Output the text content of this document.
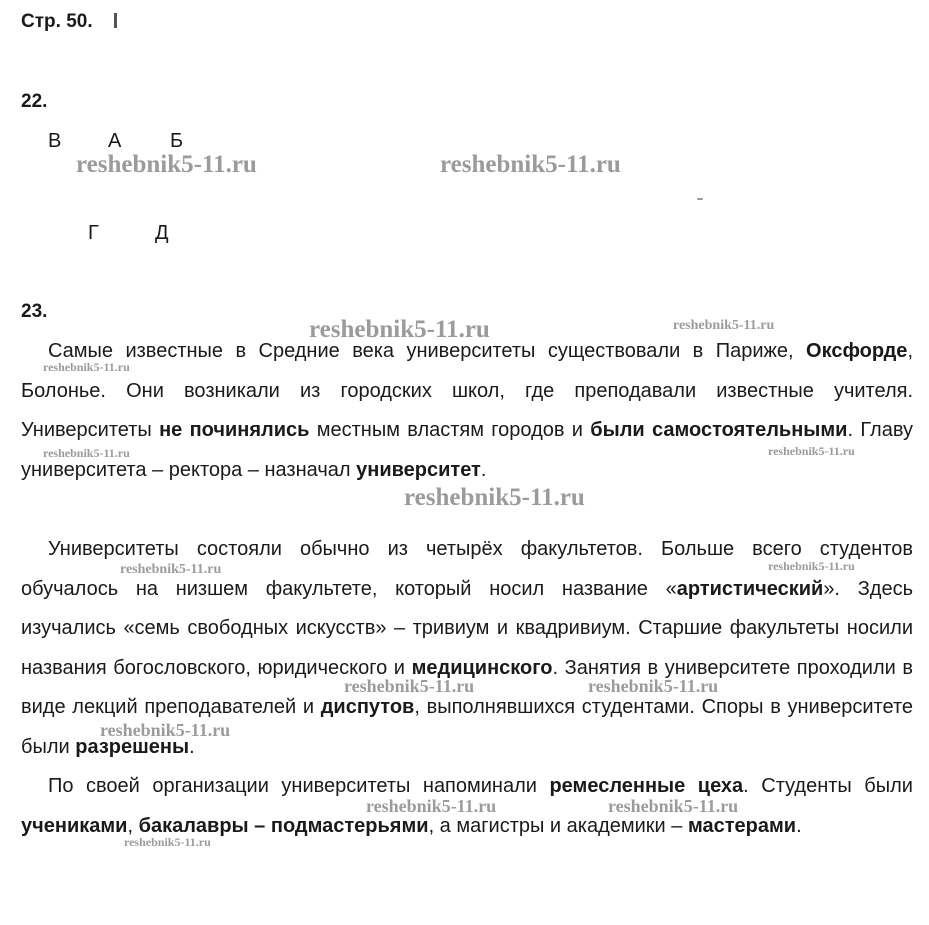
Стр. 50.
22.
В А Б
Г	Д
23.

Самые известные в Средние века университеты существовали в Париже, Оксфорде, Болонье. Они возникали из городских школ, где преподавали известные учителя. Университеты не починялись местным властям городов и были самостоятельными. Главу университета – ректора – назначал университет.

Университеты состояли обычно из четырёх факультетов. Больше всего студентов обучалось на низшем факультете, который носил название «артистический». Здесь изучались «семь свободных искусств» – тривиум и квадривиум. Старшие факультеты носили названия богословского, юридического и медицинского. Занятия в университете проходили в виде лекций преподавателей и диспутов, выполнявшихся студентами. Споры в университете были разрешены.

По своей организации университеты напоминали ремесленные цеха. Студенты были учениками, бакалавры – подмастерьями, а магистры и академики – мастерами.

reshebnik5-11.ru	reshebnik5-11.ru
reshebnik5-11.ru	reshebnik5-11.ru
reshebnik5-11.ru
reshebnik5-11.ru
reshebnik5-11.ru
reshebnik5-11.ru
reshebnik5-11.ru	reshebnik5-11.ru
reshebnik5-11.ru	reshebnik5-11.ru
reshebnik5-11.ru
reshebnik5-11.ru	reshebnik5-11.ru
reshebnik5-11.ru
